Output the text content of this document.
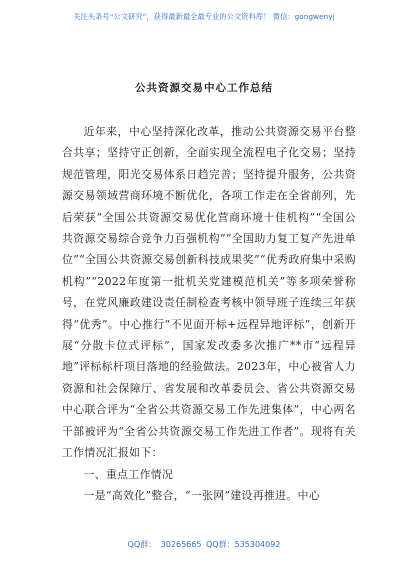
关注头条号“公文研究”，获得最新最全最专业的公文资料库！ 微信：gongwenyj
公共资源交易中心工作总结

近年来，中心坚持深化改革，推动公共资源交易平台整合共享；坚持守正创新，全面实现全流程电子化交易；坚持规范管理，阳光交易体系日趋完善；坚持提升服务，公共资源交易领域营商环境不断优化，各项工作走在全省前列，先后荣获“全国公共资源交易优化营商环境十佳机构”“全国公共资源交易综合竞争力百强机构”“全国助力复工复产先进单位”“全国公共资源交易创新科技成果奖”“优秀政府集中采购机构”“2022年度第一批机关党建模范机关”等多项荣誉称号，在党风廉政建设责任制检查考核中领导班子连续三年获得“优秀”。中心推行“不见面开标+远程异地评标”，创新开展“分散卡位式评标”，国家发改委多次推广**市“远程异地”评标标杆项目落地的经验做法。2023年，中心被省人力资源和社会保障厅、省发展和改革委员会、省公共资源交易中心联合评为“全省公共资源交易工作先进集体”，中心两名干部被评为“全省公共资源交易工作先进工作者”。现将有关工作情况汇报如下：

一、重点工作情况

一是“高效化”整合，“一张网”建设再推进。中心

QQ群： 30265665 QQ群：535304092
